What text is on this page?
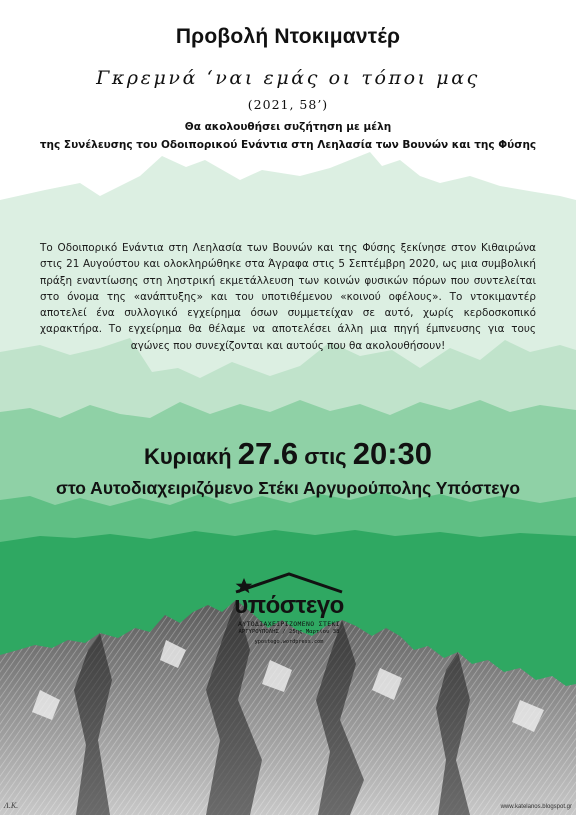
Προβολή Ντοκιμαντέρ

Γκρεμνά ‘ναι εμάς οι τόποι μας

(2021, 58’)

Θα ακολουθήσει συζήτηση με μέλη

της Συνέλευσης του Οδοιπορικού Ενάντια στη Λεηλασία των Βουνών και της Φύσης

Το Οδοιπορικό Ενάντια στη Λεηλασία των Βουνών και της Φύσης ξεκίνησε στον Κιθαιρώνα στις 21 Αυγούστου και ολοκληρώθηκε στα Άγραφα στις 5 Σεπτέμβρη 2020, ως μια συμβολική πράξη εναντίωσης στη ληστρική εκμετάλλευση των κοινών φυσικών πόρων που συντελείται στο όνομα της «ανάπτυξης» και του υποτιθέμενου «κοινού οφέλους». Το ντοκιμαντέρ αποτελεί ένα συλλογικό εγχείρημα όσων συμμετείχαν σε αυτό, χωρίς κερδοσκοπικό χαρακτήρα. Το εγχείρημα θα θέλαμε να αποτελέσει άλλη μια πηγή έμπνευσης για τους αγώνες που συνεχίζονται και αυτούς που θα ακολουθήσουν!

Κυριακή 27.6 στις 20:30

στο Αυτοδιαχειριζόμενο Στέκι Αργυρούπολης Υπόστεγο

υπόστεγο
ΑΥΤΟΔΙΑΧΕΙΡΙΖΟΜΕΝΟ ΣΤΕΚΙ
ΑΡΓΥΡΟΥΠΟΛΗΣ / 25ης Μαρτίου 38
ypostego.wordpress.com
Λ.Κ.	www.katelanos.blogspot.gr
